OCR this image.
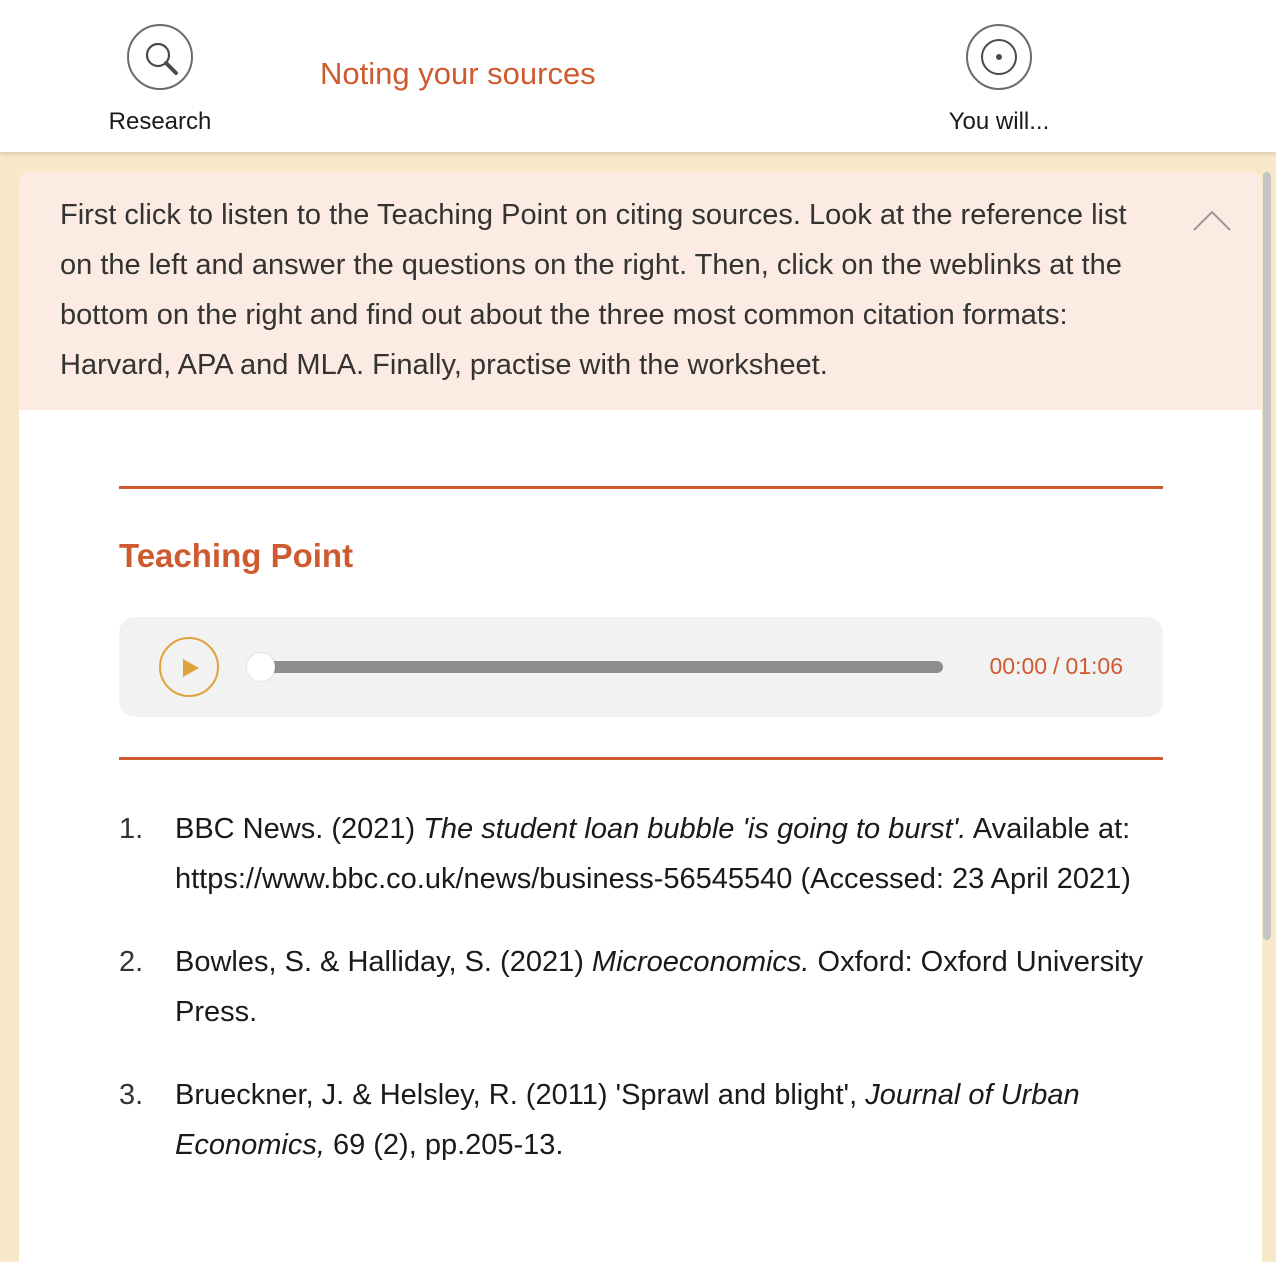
Research
Noting your sources
You will...
First click to listen to the Teaching Point on citing sources. Look at the reference list on the left and answer the questions on the right. Then, click on the weblinks at the bottom on the right and find out about the three most common citation formats: Harvard, APA and MLA. Finally, practise with the worksheet.
Teaching Point
00:00 / 01:06
1. BBC News. (2021) The student loan bubble 'is going to burst'. Available at: https://www.bbc.co.uk/news/business-56545540 (Accessed: 23 April 2021)
2. Bowles, S. & Halliday, S. (2021) Microeconomics. Oxford: Oxford University Press.
3. Brueckner, J. & Helsley, R. (2011) 'Sprawl and blight', Journal of Urban Economics, 69 (2), pp.205-13.
